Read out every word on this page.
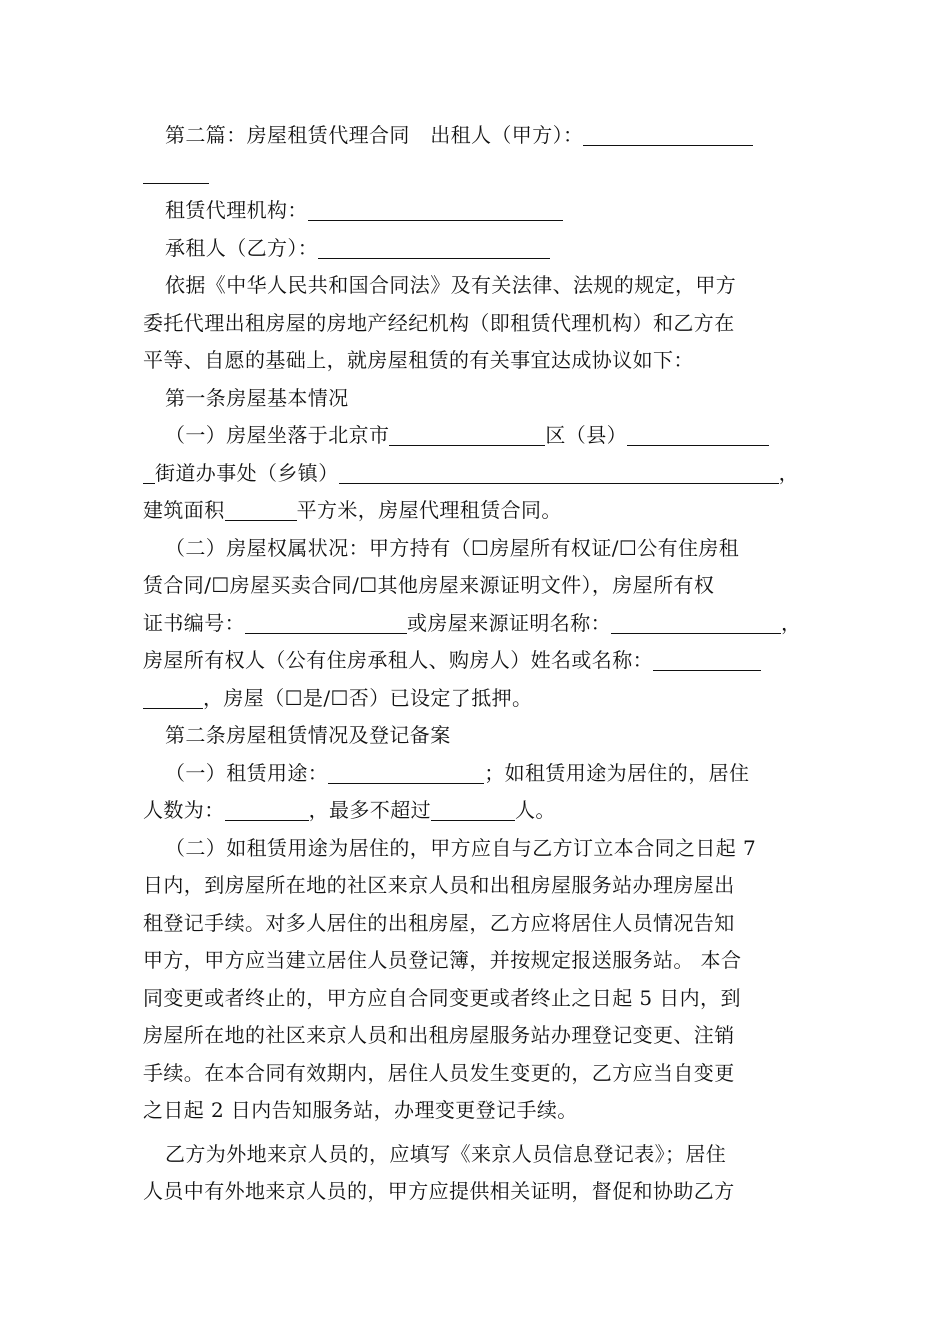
第二篇：房屋租赁代理合同　出租人（甲方）：
租赁代理机构：
承租人（乙方）：
依据《中华人民共和国合同法》及有关法律、法规的规定，甲方
委托代理出租房屋的房地产经纪机构（即租赁代理机构）和乙方在
平等、自愿的基础上，就房屋租赁的有关事宜达成协议如下：
第一条房屋基本情况
（一）房屋坐落于北京市	区（县）
街道办事处（乡镇）	，
建筑面积	平方米，房屋代理租赁合同。
（二）房屋权属状况：甲方持有（☐房屋所有权证/☐公有住房租
赁合同/☐房屋买卖合同/☐其他房屋来源证明文件），房屋所有权
证书编号：	或房屋来源证明名称：	，
房屋所有权人（公有住房承租人、购房人）姓名或名称：
，房屋（☐是/☐否）已设定了抵押。
第二条房屋租赁情况及登记备案
（一）租赁用途：	；如租赁用途为居住的，居住
人数为：	，最多不超过	人。
（二）如租赁用途为居住的，甲方应自与乙方订立本合同之日起 7
日内，到房屋所在地的社区来京人员和出租房屋服务站办理房屋出
租登记手续。对多人居住的出租房屋，乙方应将居住人员情况告知
甲方，甲方应当建立居住人员登记簿，并按规定报送服务站。 本合
同变更或者终止的，甲方应自合同变更或者终止之日起 5 日内，到
房屋所在地的社区来京人员和出租房屋服务站办理登记变更、注销
手续。在本合同有效期内，居住人员发生变更的，乙方应当自变更
之日起 2 日内告知服务站，办理变更登记手续。
乙方为外地来京人员的，应填写《来京人员信息登记表》；居住
人员中有外地来京人员的，甲方应提供相关证明，督促和协助乙方
